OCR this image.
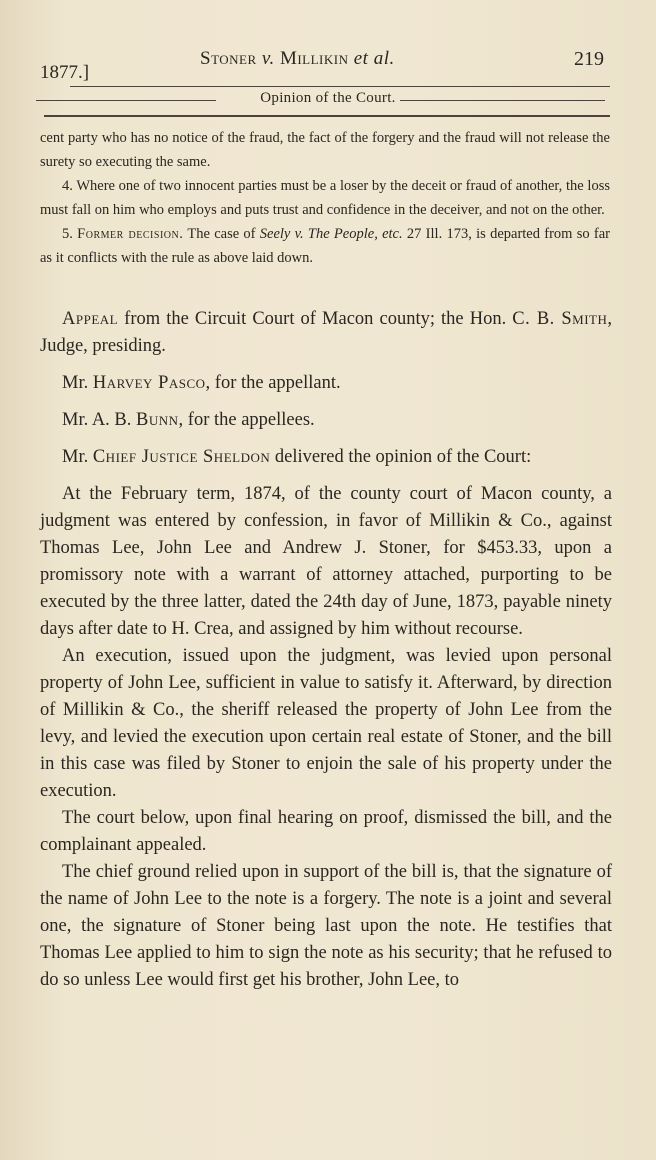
1877.]
Stoner v. Millikin et al.	219
Opinion of the Court.

cent party who has no notice of the fraud, the fact of the forgery and the fraud will not release the surety so executing the same.

4. Where one of two innocent parties must be a loser by the deceit or fraud of another, the loss must fall on him who employs and puts trust and confidence in the deceiver, and not on the other.

5. Former decision. The case of Seely v. The People, etc. 27 Ill. 173, is departed from so far as it conflicts with the rule as above laid down.

Appeal from the Circuit Court of Macon county; the Hon. C. B. Smith, Judge, presiding.

Mr. Harvey Pasco, for the appellant.

Mr. A. B. Bunn, for the appellees.

Mr. Chief Justice Sheldon delivered the opinion of the Court:

At the February term, 1874, of the county court of Macon county, a judgment was entered by confession, in favor of Millikin & Co., against Thomas Lee, John Lee and Andrew J. Stoner, for $453.33, upon a promissory note with a warrant of attorney attached, purporting to be executed by the three latter, dated the 24th day of June, 1873, payable ninety days after date to H. Crea, and assigned by him without recourse.

An execution, issued upon the judgment, was levied upon personal property of John Lee, sufficient in value to satisfy it. Afterward, by direction of Millikin & Co., the sheriff released the property of John Lee from the levy, and levied the execution upon certain real estate of Stoner, and the bill in this case was filed by Stoner to enjoin the sale of his property under the execution.

The court below, upon final hearing on proof, dismissed the bill, and the complainant appealed.

The chief ground relied upon in support of the bill is, that the signature of the name of John Lee to the note is a forgery. The note is a joint and several one, the signature of Stoner being last upon the note. He testifies that Thomas Lee applied to him to sign the note as his security; that he refused to do so unless Lee would first get his brother, John Lee, to
